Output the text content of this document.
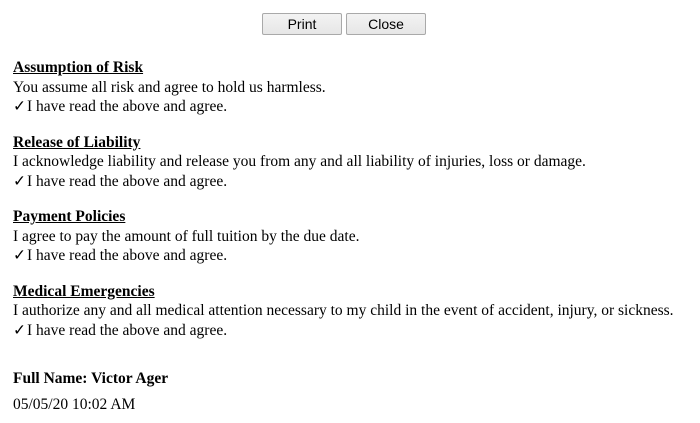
Print	Close
Assumption of Risk
You assume all risk and agree to hold us harmless.
✓I have read the above and agree.
Release of Liability
I acknowledge liability and release you from any and all liability of injuries, loss or damage.
✓I have read the above and agree.
Payment Policies
I agree to pay the amount of full tuition by the due date.
✓I have read the above and agree.
Medical Emergencies
I authorize any and all medical attention necessary to my child in the event of accident, injury, or sickness.
✓I have read the above and agree.
Full Name: Victor Ager
05/05/20 10:02 AM
